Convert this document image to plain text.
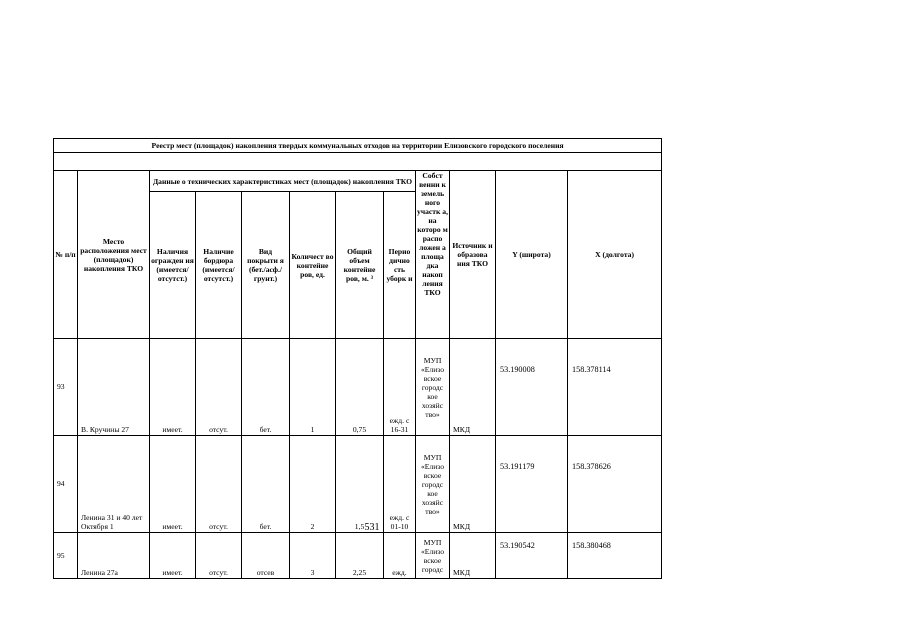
Реестр мест (площадок) накопления твердых коммунальных отходов на территории Елизовского городского поселения											

№ п/п	Место расположения мест (площадок) накопления ТКО	Данные о технических характеристиках мест (площадок) накопления ТКО						Собст венни к земель ного участк а, на которо м распо ложен а площа дка накоп ления ТКО	Источник и образова ния ТКО	Y (широта)	X (долгота)
		Наличия огражден ия (имеется/ отсутст.)	Наличие бордюра (имеется/ отсутст.)	Вид покрыти я (бет./асф./ грунт.)	Количест во контейне ров, ед.	Общий объем контейне ров, м. ³	Перио дично сть уборк и				
93	В. Кручины 27	имеет.	отсут.	бет.	1	0,75	ежд. с 16-31	МУП «Елизо вское городс кое хозяйс тво»	МКД	53.190008	158.378114
94	Ленина 31 и 40 лет Октября 1	имеет.	отсут.	бет.	2	1,5	ежд. с 01-10	МУП «Елизо вское городс кое хозяйс тво»	МКД	53.191179	158.378626
95	Ленина 27а	имеет.	отсут.	отсев	3	2,25	ежд.	МУП «Елизо вское городс	МКД	53.190542	158.380468
531
